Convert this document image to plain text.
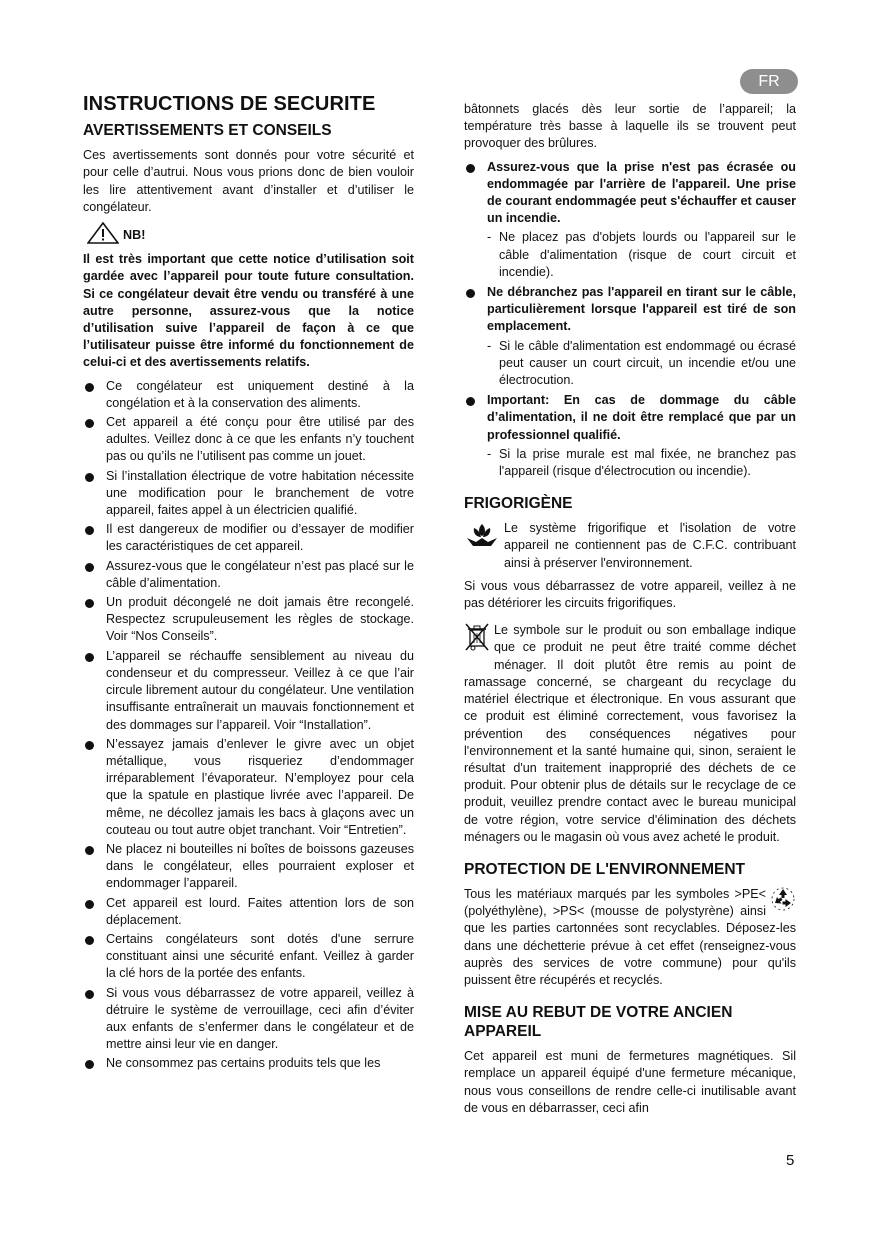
FR
INSTRUCTIONS DE SECURITE
AVERTISSEMENTS ET CONSEILS

Ces avertissements sont donnés pour votre sécurité et pour celle d’autrui. Nous vous prions donc de bien vouloir les lire attentivement avant d’installer et d’utiliser le congélateur.

NB!

Il est très important que cette notice d’utilisation soit gardée avec l’appareil pour toute future consultation. Si ce congélateur devait être vendu ou transféré à une autre personne, assurez-vous que la notice d’utilisation suive l’appareil de façon à ce que l’utilisateur puisse être informé du fonctionnement de celui-ci et des avertissements relatifs.

Ce congélateur est uniquement destiné à la congélation et à la conservation des aliments.
Cet appareil a été conçu pour être utilisé par des adultes. Veillez donc à ce que les enfants n’y touchent pas ou qu’ils ne l’utilisent pas comme un jouet.
Si l’installation électrique de votre habitation nécessite une modification pour le branchement de votre appareil, faites appel à un électricien qualifié.
Il est dangereux de modifier ou d’essayer de modifier les caractéristiques de cet appareil.
Assurez-vous que le congélateur n’est pas placé sur le câble d’alimentation.
Un produit décongelé ne doit jamais être recongelé. Respectez scrupuleusement les règles de stockage. Voir “Nos Conseils”.
L’appareil se réchauffe sensiblement au niveau du condenseur et du compresseur. Veillez à ce que l’air circule librement autour du congélateur. Une ventilation insuffisante entraînerait un mauvais fonctionnement et des dommages sur l’appareil. Voir “Installation”.
N’essayez jamais d’enlever le givre avec un objet métallique, vous risqueriez d’endommager irréparablement l’évaporateur. N’employez pour cela que la spatule en plastique livrée avec l’appareil. De même, ne décollez jamais les bacs à glaçons avec un couteau ou tout autre objet tranchant. Voir “Entretien”.
Ne placez ni bouteilles ni boîtes de boissons gazeuses dans le congélateur, elles pourraient exploser et endommager l’appareil.
Cet appareil est lourd. Faites attention lors de son déplacement.
Certains congélateurs sont dotés d'une serrure constituant ainsi une sécurité enfant. Veillez à garder la clé hors de la portée des enfants.
Si vous vous débarrassez de votre appareil, veillez à détruire le système de verrouillage, ceci afin d’éviter aux enfants de s’enfermer dans le congélateur et de mettre ainsi leur vie en danger.
Ne consommez pas certains produits tels que les

bâtonnets glacés dès leur sortie de l’appareil; la température très basse à laquelle ils se trouvent peut provoquer des brûlures.

Assurez-vous que la prise n'est pas écrasée ou endommagée par l'arrière de l'appareil. Une prise de courant endommagée peut s'échauffer et causer un incendie.
- Ne placez pas d'objets lourds ou l'appareil sur le câble d'alimentation (risque de court circuit et incendie).
Ne débranchez pas l'appareil en tirant sur le câble, particulièrement lorsque l'appareil est tiré de son emplacement.
- Si le câble d'alimentation est endommagé ou écrasé peut causer un court circuit, un incendie et/ou une électrocution.
Important: En cas de dommage du câble d’alimentation, il ne doit être remplacé que par un professionnel qualifié.
- Si la prise murale est mal fixée, ne branchez pas l'appareil (risque d'électrocution ou incendie).
FRIGORIGÈNE

Le système frigorifique et l'isolation de votre appareil ne contiennent pas de C.F.C. contribuant ainsi à préserver l'environnement.

Si vous vous débarrassez de votre appareil, veillez à ne pas détériorer les circuits frigorifiques.

Le symbole sur le produit ou son emballage indique que ce produit ne peut être traité comme déchet ménager. Il doit plutôt être remis au point de ramassage concerné, se chargeant du recyclage du matériel électrique et électronique. En vous assurant que ce produit est éliminé correctement, vous favorisez la prévention des conséquences négatives pour l'environnement et la santé humaine qui, sinon, seraient le résultat d'un traitement inapproprié des déchets de ce produit. Pour obtenir plus de détails sur le recyclage de ce produit, veuillez prendre contact avec le bureau municipal de votre région, votre service d'élimination des déchets ménagers ou le magasin où vous avez acheté le produit.

PROTECTION DE L'ENVIRONNEMENT

Tous les matériaux marqués par les symboles >PE< (polyéthylène), >PS< (mousse de polystyrène) ainsi que les parties cartonnées sont recyclables. Déposez-les dans une déchetterie prévue à cet effet (renseignez-vous auprès des services de votre commune) pour qu'ils puissent être récupérés et recyclés.

MISE AU REBUT DE VOTRE ANCIEN APPAREIL

Cet appareil est muni de fermetures magnétiques. Sil remplace un appareil équipé d'une fermeture mécanique, nous vous conseillons de rendre celle-ci inutilisable avant de vous en débarrasser, ceci afin

5
